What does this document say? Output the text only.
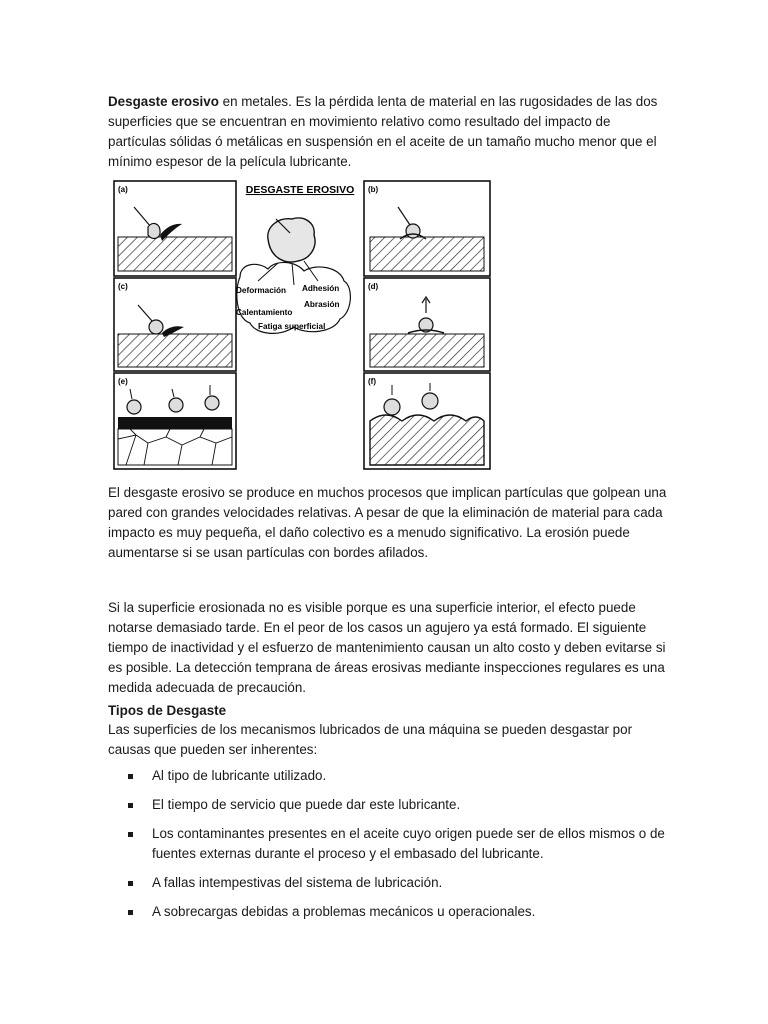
Desgaste erosivo en metales. Es la pérdida lenta de material en las rugosidades de las dos superficies que se encuentran en movimiento relativo como resultado del impacto de partículas sólidas ó metálicas en suspensión en el aceite de un tamaño mucho menor que el mínimo espesor de la película lubricante.

(a)	(b)
DESGASTE EROSIVO
Deformación Adhesión
Abrasión
Calentamiento
Fatiga superficial
(c)	(d)
(e)	(f)

El desgaste erosivo se produce en muchos procesos que implican partículas que golpean una pared con grandes velocidades relativas. A pesar de que la eliminación de material para cada impacto es muy pequeña, el daño colectivo es a menudo significativo. La erosión puede aumentarse si se usan partículas con bordes afilados.

Si la superficie erosionada no es visible porque es una superficie interior, el efecto puede notarse demasiado tarde. En el peor de los casos un agujero ya está formado. El siguiente tiempo de inactividad y el esfuerzo de mantenimiento causan un alto costo y deben evitarse si es posible. La detección temprana de áreas erosivas mediante inspecciones regulares es una medida adecuada de precaución.

Tipos de Desgaste

Las superficies de los mecanismos lubricados de una máquina se pueden desgastar por causas que pueden ser inherentes:

Al tipo de lubricante utilizado.
El tiempo de servicio que puede dar este lubricante.
Los contaminantes presentes en el aceite cuyo origen puede ser de ellos mismos o de fuentes externas durante el proceso y el embasado del lubricante.
A fallas intempestivas del sistema de lubricación.
A sobrecargas debidas a problemas mecánicos u operacionales.
